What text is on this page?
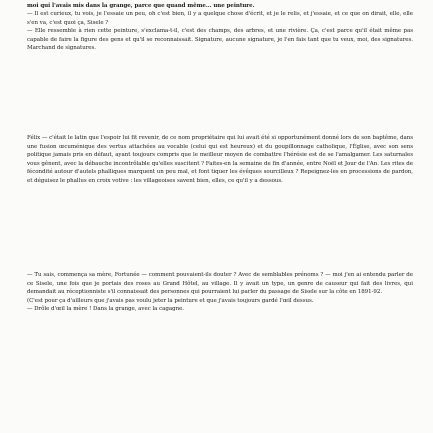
moi qui l'avais mis dans la grange, parce que quand même... une peinture.

— Il est curieux, tu vois, je l'essaie un peu, oh c'est bien, il y a quelque chose d'écrit, et je le relis, et j'essaie, et ce que on dirait, elle, elle s'en va, c'est quoi ça, Sisele ?
— Elle ressemble à rien cette peinture, s'exclama-t-il, c'est des champs, des arbres, et une rivière. Ça, c'est parce qu'il était même pas capable de faire la figure des gens et qu'il se reconnaissait. Signature, aucune signature, je l'en fais tant que tu veux, moi, des signatures. Marchand de signatures.

Félix — c'était le latin que l'espoir lui fit revenir, de ce nom propriétaire qui lui avait été si opportunément donné lors de son baptême, dans une fusion œcuménique des vertus attachées au vocable (celui qui est heureux) et du goupillonnage catholique, l'Église, avec son sens politique jamais pris en défaut, ayant toujours compris que le meilleur moyen de combattre l'hérésie est de se l'amalgamer. Les saturnales vous gênent, avec la débauche incontrôlable qu'elles suscitent ? Faites-en la semaine de fin d'année, entre Noël et Jour de l'An. Les rites de fécondité autour d'autels phalliques marquent un peu mal, et font tiquer les évêques sourcilleux ? Repeignez-les en processions de pardon, et déguisez le phallus en croix votive : les villageoises savent bien, elles, ce qu'il y a dessous.

— Tu sais, commença sa mère, Fortunée — comment pouvaient-ils douter ? Avec de semblables prénoms ? — moi j'en ai entendu parler de ce Sisele, une fois que je portais des roses au Grand Hôtel, au village. Il y avait un type, un genre de causeur qui fait des livres, qui demandait au réceptionniste s'il connaissait des personnes qui pourraient lui parler du passage de Sisele sur la côte en 1891-92.
(C'est pour ça d'ailleurs que j'avais pas voulu jeter la peinture et que j'avais toujours gardé l'œil dessus.
— Drôle d'œil la mère ! Dans la grange, avec la cagagne.
